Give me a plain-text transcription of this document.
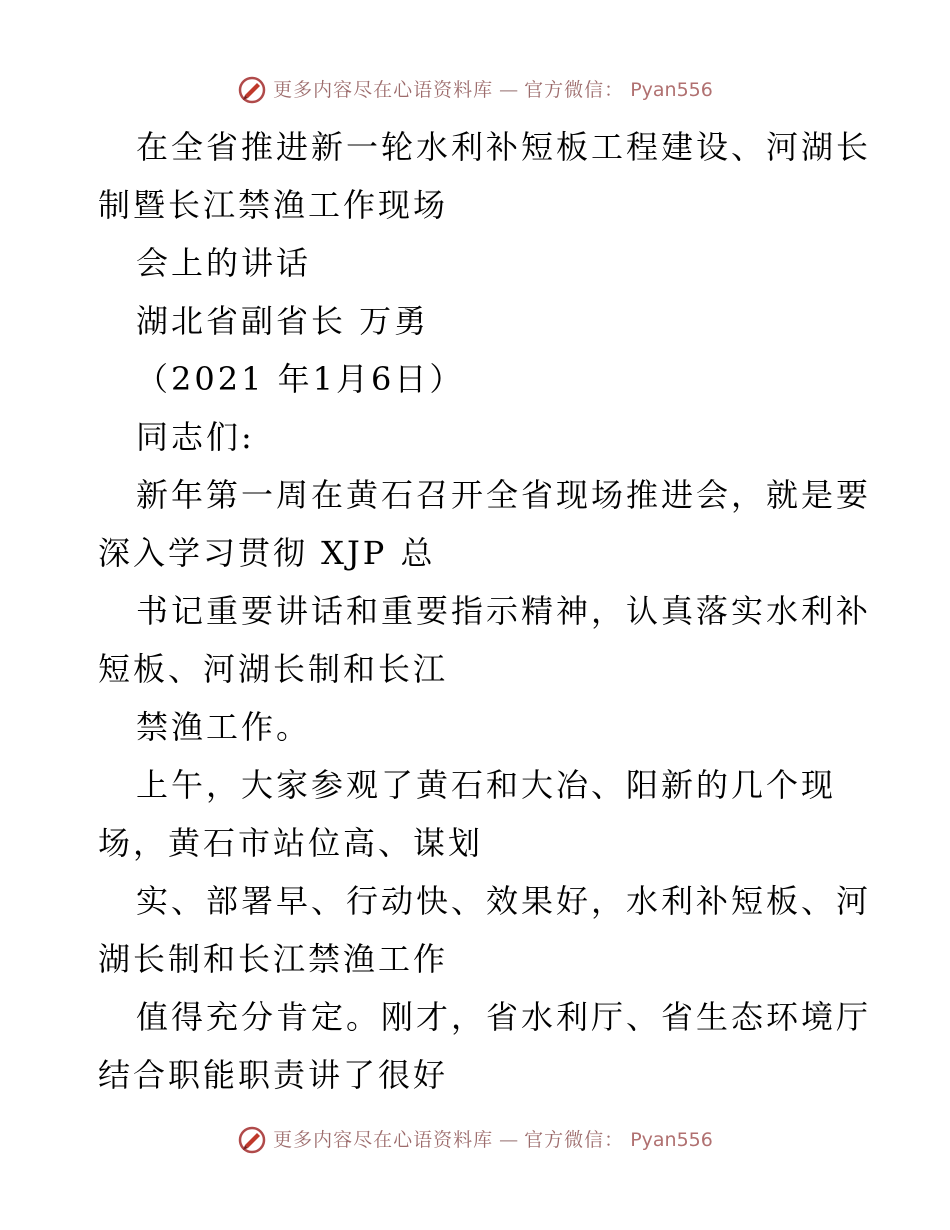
更多内容尽在心语资料库 — 官方微信： Pyan556
在全省推进新一轮水利补短板工程建设、河湖长
制暨长江禁渔工作现场
会上的讲话
湖北省副省长 万勇
（2021 年1月6日）
同志们:
新年第一周在黄石召开全省现场推进会，就是要
深入学习贯彻 XJP 总
书记重要讲话和重要指示精神，认真落实水利补
短板、河湖长制和长江
禁渔工作。
上午，大家参观了黄石和大冶、阳新的几个现
场，黄石市站位高、谋划
实、部署早、行动快、效果好，水利补短板、河
湖长制和长江禁渔工作
值得充分肯定。刚才，省水利厅、省生态环境厅
结合职能职责讲了很好
更多内容尽在心语资料库 — 官方微信： Pyan556
